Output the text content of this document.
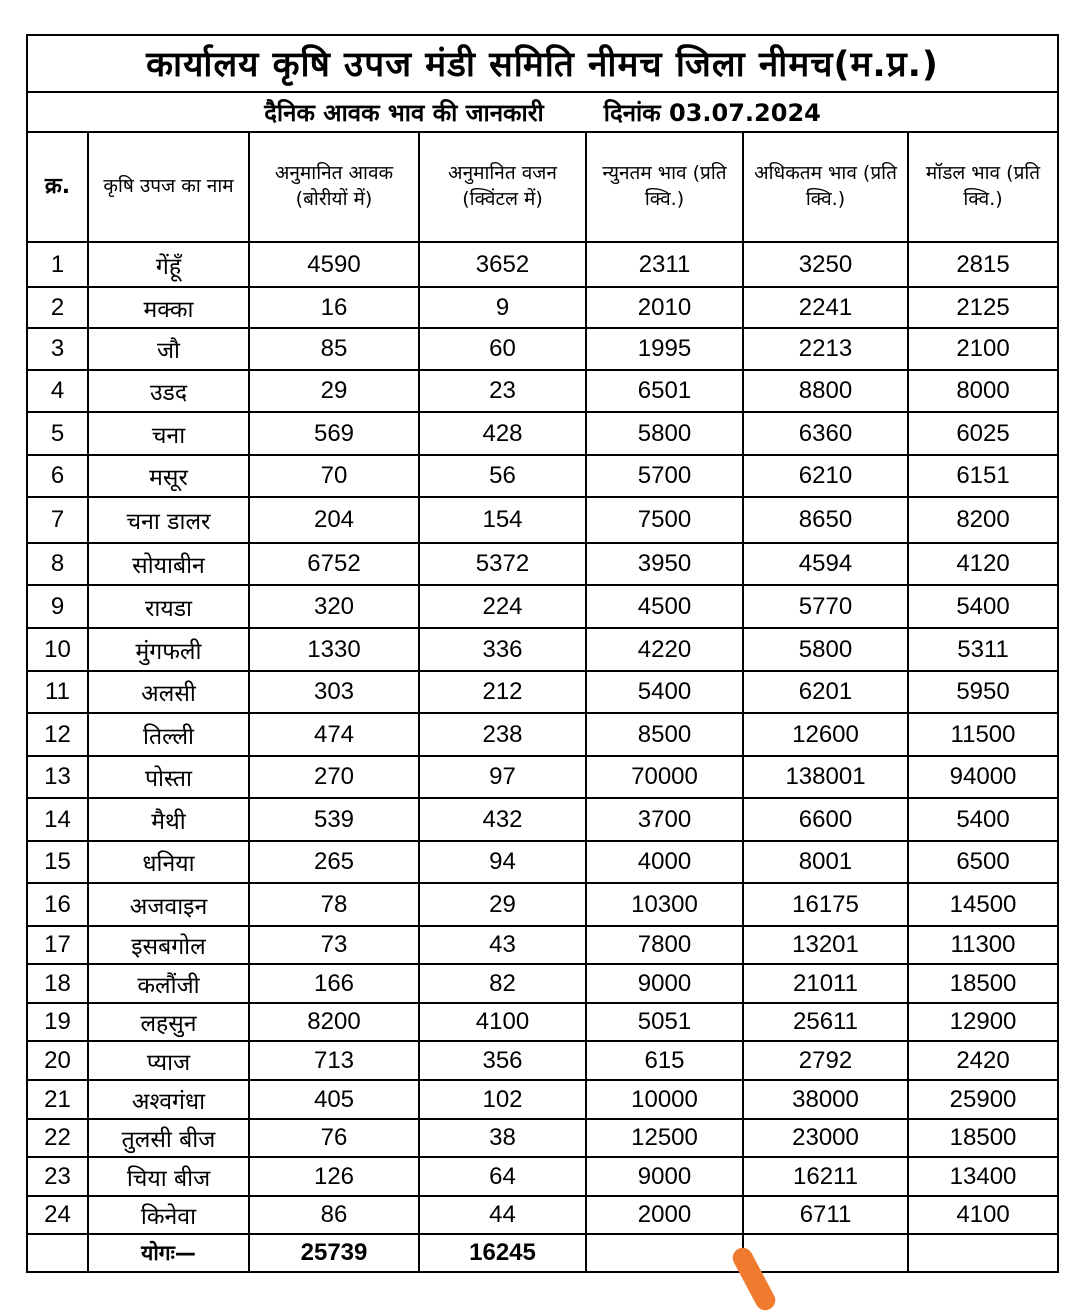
कार्यालय कृषि उपज मंडी समिति नीमच जिला नीमच(म.प्र.)						
दैनिक आवक भाव की जानकारी दिनांक 03.07.2024						
क्र.	कृषि उपज का नाम	अनुमानित आवक (बोरीयों में)	अनुमानित वजन (क्विंटल में)	न्युनतम भाव (प्रति क्वि.)	अधिकतम भाव (प्रति क्वि.)	मॉडल भाव (प्रति क्वि.)
1	गेंहूँ	4590	3652	2311	3250	2815
2	मक्का	16	9	2010	2241	2125
3	जौ	85	60	1995	2213	2100
4	उडद	29	23	6501	8800	8000
5	चना	569	428	5800	6360	6025
6	मसूर	70	56	5700	6210	6151
7	चना डालर	204	154	7500	8650	8200
8	सोयाबीन	6752	5372	3950	4594	4120
9	रायडा	320	224	4500	5770	5400
10	मुंगफली	1330	336	4220	5800	5311
11	अलसी	303	212	5400	6201	5950
12	तिल्ली	474	238	8500	12600	11500
13	पोस्ता	270	97	70000	138001	94000
14	मैथी	539	432	3700	6600	5400
15	धनिया	265	94	4000	8001	6500
16	अजवाइन	78	29	10300	16175	14500
17	इसबगोल	73	43	7800	13201	11300
18	कलौंजी	166	82	9000	21011	18500
19	लहसुन	8200	4100	5051	25611	12900
20	प्याज	713	356	615	2792	2420
21	अश्वगंधा	405	102	10000	38000	25900
22	तुलसी बीज	76	38	12500	23000	18500
23	चिया बीज	126	64	9000	16211	13400
24	किनेवा	86	44	2000	6711	4100
	योगः—	25739	16245			
